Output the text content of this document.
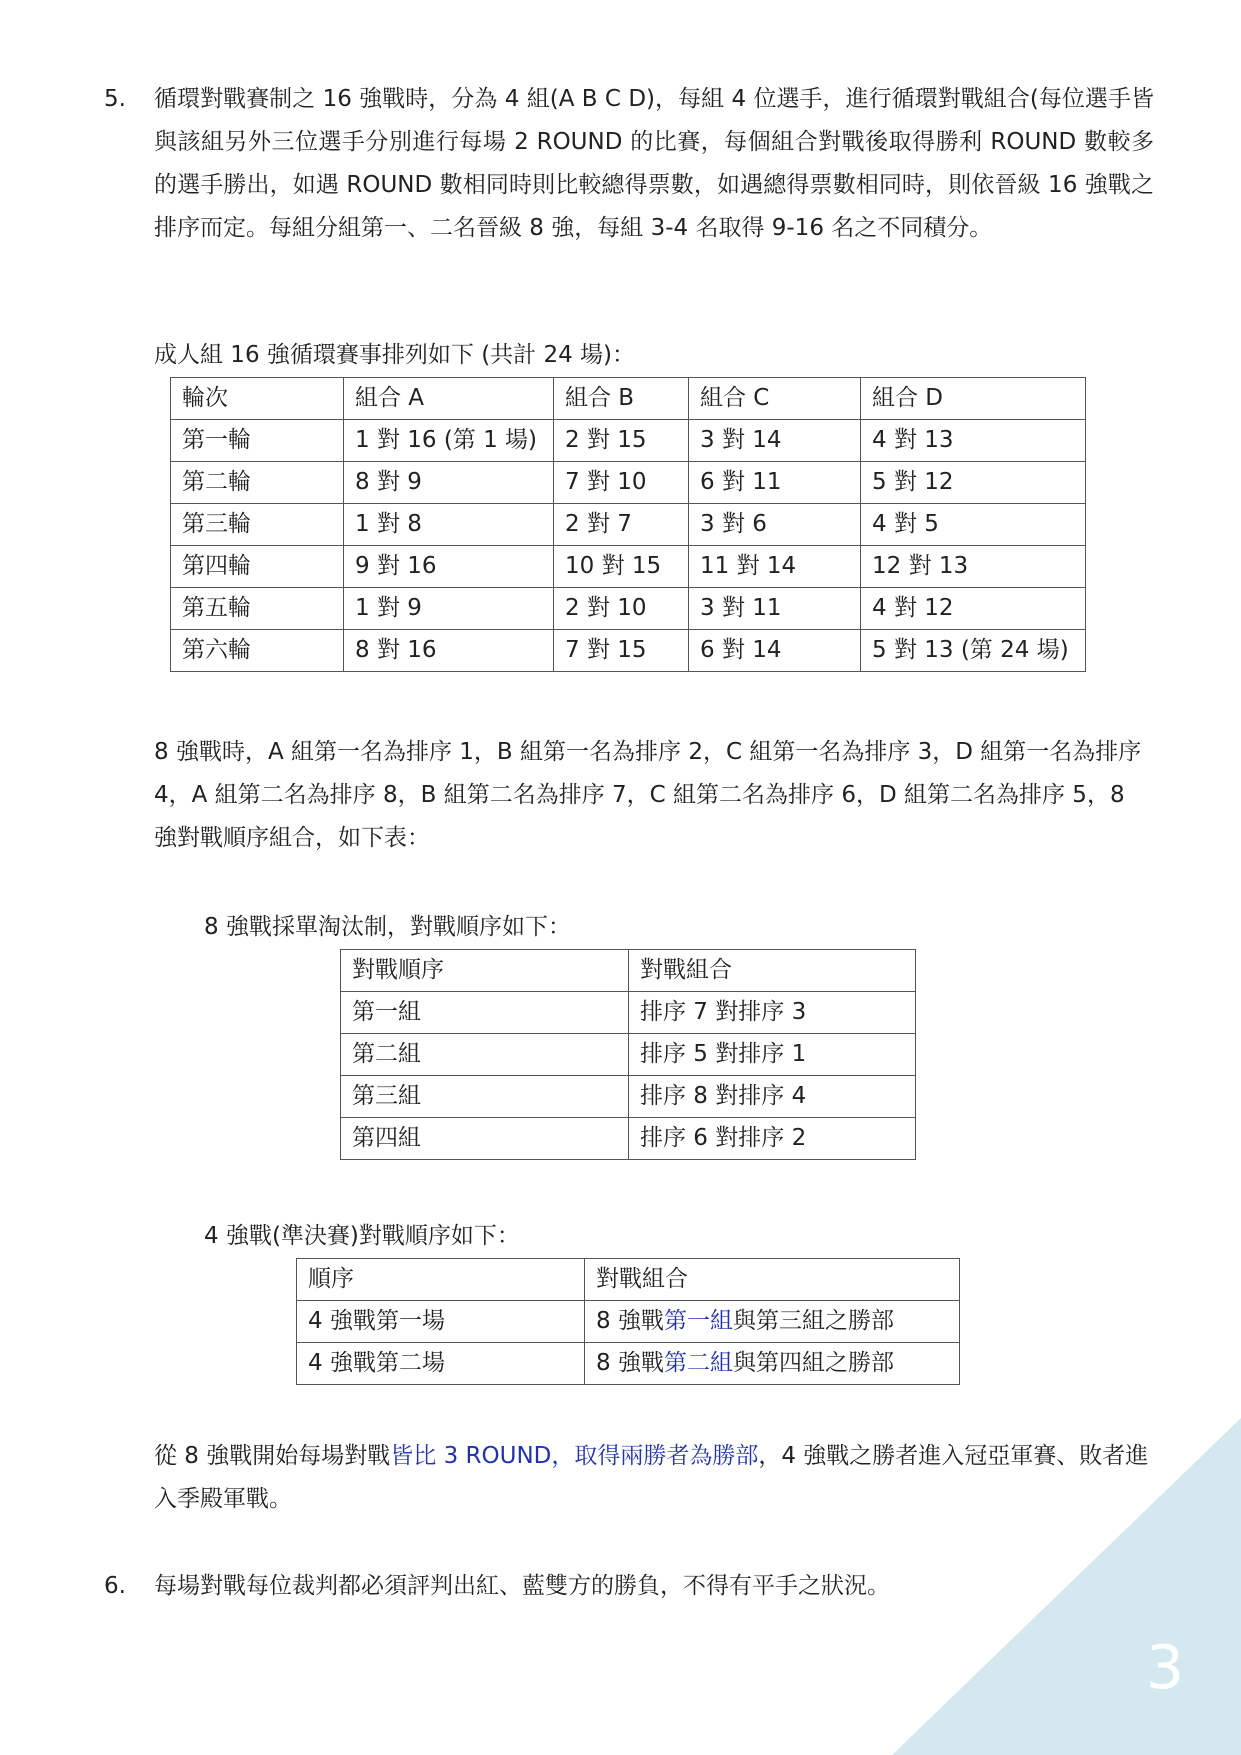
5. 循環對戰賽制之 16 強戰時，分為 4 組(A B C D)，每組 4 位選手，進行循環對戰組合(每位選手皆與該組另外三位選手分別進行每場 2 ROUND 的比賽，每個組合對戰後取得勝利 ROUND 數較多的選手勝出，如遇 ROUND 數相同時則比較總得票數，如遇總得票數相同時，則依晉級 16 強戰之排序而定。每組分組第一、二名晉級 8 強，每組 3-4 名取得 9-16 名之不同積分。
成人組 16 強循環賽事排列如下 (共計 24 場)：
輪次	組合 A	組合 B	組合 C	組合 D
第一輪	1 對 16 (第 1 場)	2 對 15	3 對 14	4 對 13
第二輪	8 對 9	7 對 10	6 對 11	5 對 12
第三輪	1 對 8	2 對 7	3 對 6	4 對 5
第四輪	9 對 16	10 對 15	11 對 14	12 對 13
第五輪	1 對 9	2 對 10	3 對 11	4 對 12
第六輪	8 對 16	7 對 15	6 對 14	5 對 13 (第 24 場)
8 強戰時，A 組第一名為排序 1，B 組第一名為排序 2，C 組第一名為排序 3，D 組第一名為排序 4，A 組第二名為排序 8，B 組第二名為排序 7，C 組第二名為排序 6，D 組第二名為排序 5，8 強對戰順序組合，如下表：
8 強戰採單淘汰制，對戰順序如下：
對戰順序	對戰組合
第一組	排序 7 對排序 3
第二組	排序 5 對排序 1
第三組	排序 8 對排序 4
第四組	排序 6 對排序 2
4 強戰(準決賽)對戰順序如下：
順序	對戰組合
4 強戰第一場	8 強戰第一組與第三組之勝部
4 強戰第二場	8 強戰第二組與第四組之勝部
從 8 強戰開始每場對戰皆比 3 ROUND，取得兩勝者為勝部，4 強戰之勝者進入冠亞軍賽、敗者進入季殿軍戰。
6. 每場對戰每位裁判都必須評判出紅、藍雙方的勝負，不得有平手之狀況。
3
